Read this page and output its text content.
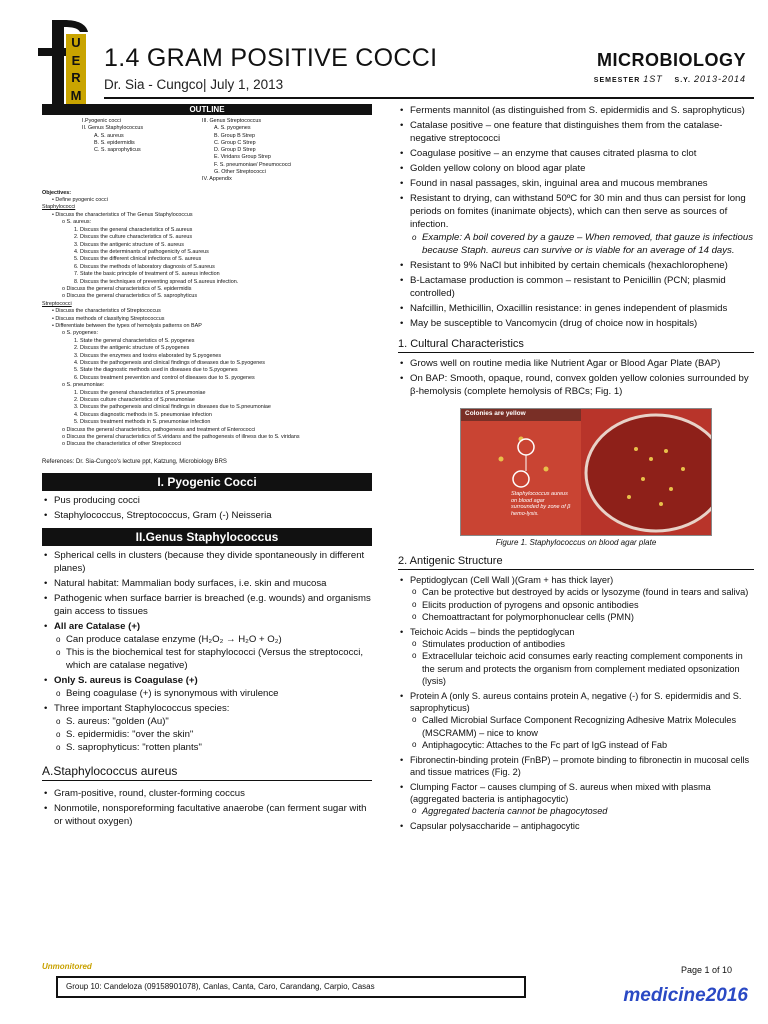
U
E
R
M
1.4 GRAM POSITIVE COCCI
Dr. Sia - Cungco| July 1, 2013
MICROBIOLOGY
SEMESTER 1ST S.Y. 2013-2014
OUTLINE
I.Pyogenic cocci
II. Genus Staphylococcus
A. S. aureus
B. S. epidermidis
C. S. saprophyticus
III. Genus Streptococcus
A. S. pyogenes
B. Group B Strep
C. Group C Strep
D. Group D Strep
E. Viridans Group Strep
F. S. pneumoniae/ Pneumococci
G. Other Streptococci
IV. Appendix
Objectives:
• Define pyogenic cocci
Staphylococci
• Discuss the characteristics of The Genus Staphylococcus
o S. aureus:
1. Discuss the general characteristics of S.aureus
2. Discuss the culture characteristics of S. aureus
3. Discuss the antigenic structure of S. aureus
4. Discuss the determinants of pathogenicity of S.aureus
5. Discuss the different clinical infections of S. aureus
6. Discuss the methods of laboratory diagnosis of S.aureus
7. State the basic principle of treatment of S. aureus infection
8. Discuss the techniques of preventing spread of S.aureus infection.
o Discuss the general characteristics of S. epidermidis
o Discuss the general characteristics of S. saprophyticus
Streptococci
• Discuss the characteristics of Streptococcus
• Discuss methods of classifying Streptococcus
• Differentiate between the types of hemolysis patterns on BAP
o S. pyogenes:
1. State the general characteristics of S. pyogenes
2. Discuss the antigenic structure of S.pyogenes
3. Discuss the enzymes and toxins elaborated by S.pyogenes
4. Discuss the pathogenesis and clinical findings of diseases due to S.pyogenes
5. State the diagnostic methods used in diseases due to S.pyogenes
6. Discuss treatment prevention and control of diseases due to S. pyogenes
o S. pneumoniae:
1. Discuss the general characteristics of S.pneumoniae
2. Discuss culture characteristics of S.pneumoniae
3. Discuss the pathogenesis and clinical findings in diseases due to S.pneumoniae
4. Discuss diagnostic methods in S. pneumoniae infection
5. Discuss treatment methods in S. pneumoniae infection
o Discuss the general characteristics, pathogenesis and treatment of Enterococci
o Discuss the general characteristics of S.viridans and the pathogenesis of illness due to S. viridans
o Discuss the characteristics of other Streptococci
References: Dr. Sia-Cungco's lecture ppt, Katzung, Microbiology BRS
I. Pyogenic Cocci
• Pus producing cocci
• Staphylococcus, Streptococcus, Gram (-) Neisseria
II.Genus Staphylococcus
• Spherical cells in clusters (because they divide spontaneously in different planes)
• Natural habitat: Mammalian body surfaces, i.e. skin and mucosa
• Pathogenic when surface barrier is breached (e.g. wounds) and organisms gain access to tissues
• All are Catalase (+)
o Can produce catalase enzyme (H₂O₂ → H₂O + O₂)
o This is the biochemical test for staphylococci (Versus the streptococci, which are catalase negative)
• Only S. aureus is Coagulase (+)
o Being coagulase (+) is synonymous with virulence
• Three important Staphylococcus species:
o S. aureus: "golden (Au)"
o S. epidermidis: "over the skin"
o S. saprophyticus: "rotten plants"
A.Staphylococcus aureus
• Gram-positive, round, cluster-forming coccus
• Nonmotile, nonsporeforming facultative anaerobe (can ferment sugar with or without oxygen)
• Ferments mannitol (as distinguished from S. epidermidis and S. saprophyticus)
• Catalase positive – one feature that distinguishes them from the catalase-negative streptococci
• Coagulase positive – an enzyme that causes citrated plasma to clot
• Golden yellow colony on blood agar plate
• Found in nasal passages, skin, inguinal area and mucous membranes
• Resistant to drying, can withstand 50ºC for 30 min and thus can persist for long periods on fomites (inanimate objects), which can then serve as sources of infection.
o Example: A boil covered by a gauze – When removed, that gauze is infectious because Staph. aureus can survive or is viable for an average of 14 days.
• Resistant to 9% NaCl but inhibited by certain chemicals (hexachlorophene)
• B-Lactamase production is common – resistant to Penicillin (PCN; plasmid controlled)
• Nafcillin, Methicillin, Oxacillin resistance: in genes independent of plasmids
• May be susceptible to Vancomycin (drug of choice now in hospitals)
1. Cultural Characteristics
• Grows well on routine media like Nutrient Agar or Blood Agar Plate (BAP)
• On BAP: Smooth, opaque, round, convex golden yellow colonies surrounded by β-hemolysis (complete hemolysis of RBCs; Fig. 1)
Colonies are yellow
Staphylococcus aureus on blood agar surrounded by zone of β hemo-lysis.
Figure 1. Staphylococcus on blood agar plate
2. Antigenic Structure
• Peptidoglycan (Cell Wall )(Gram + has thick layer)
o Can be protective but destroyed by acids or lysozyme (found in tears and saliva)
o Elicits production of pyrogens and opsonic antibodies
o Chemoattractant for polymorphonuclear cells (PMN)
• Teichoic Acids – binds the peptidoglycan
o Stimulates production of antibodies
o Extracellular teichoic acid consumes early reacting complement components in the serum and protects the organism from complement mediated opsonization (lysis)
• Protein A (only S. aureus contains protein A, negative (-) for S. epidermidis and S. saprophyticus)
o Called Microbial Surface Component Recognizing Adhesive Matrix Molecules (MSCRAMM) – nice to know
o Antiphagocytic: Attaches to the Fc part of IgG instead of Fab
• Fibronectin-binding protein (FnBP) – promote binding to fibronectin in mucosal cells and tissue matrices (Fig. 2)
• Clumping Factor – causes clumping of S. aureus when mixed with plasma (aggregated bacteria is antiphagocytic)
o Aggregated bacteria cannot be phagocytosed
• Capsular polysaccharide – antiphagocytic
Unmonitored	Page 1 of 10
Group 10: Candeloza (09158901078), Canlas, Canta, Caro, Carandang, Carpio, Casas	medicine2016
